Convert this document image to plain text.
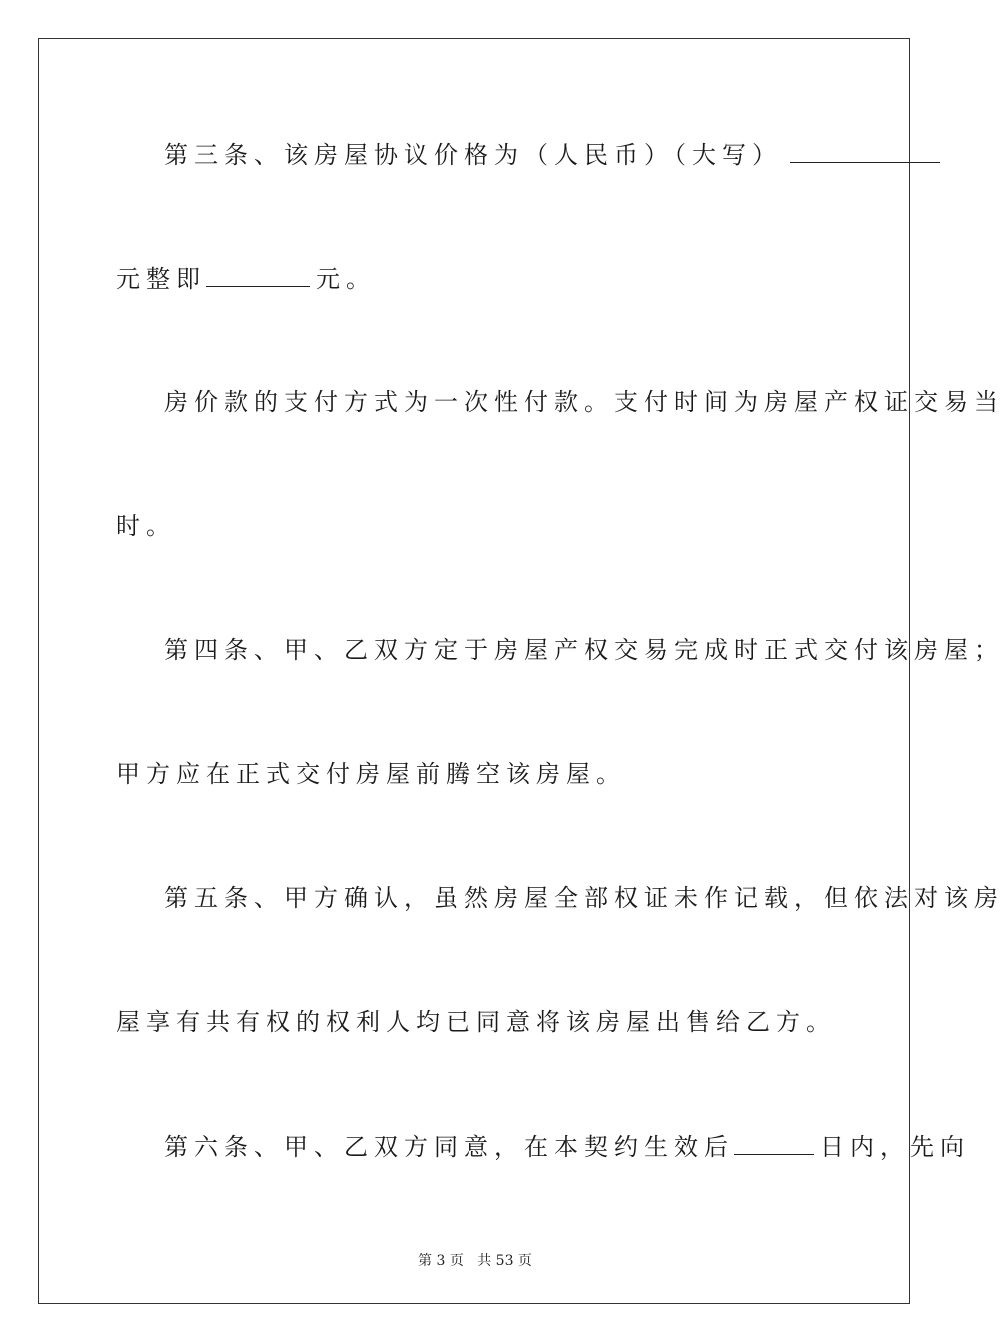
第三条、该房屋协议价格为（人民币）（大写）
元整即	元。
房价款的支付方式为一次性付款。支付时间为房屋产权证交易当
时。
第四条、甲、乙双方定于房屋产权交易完成时正式交付该房屋；
甲方应在正式交付房屋前腾空该房屋。
第五条、甲方确认，虽然房屋全部权证未作记载，但依法对该房
屋享有共有权的权利人均已同意将该房屋出售给乙方。
第六条、甲、乙双方同意，在本契约生效后	日内，先向
第 3 页 共 53 页
